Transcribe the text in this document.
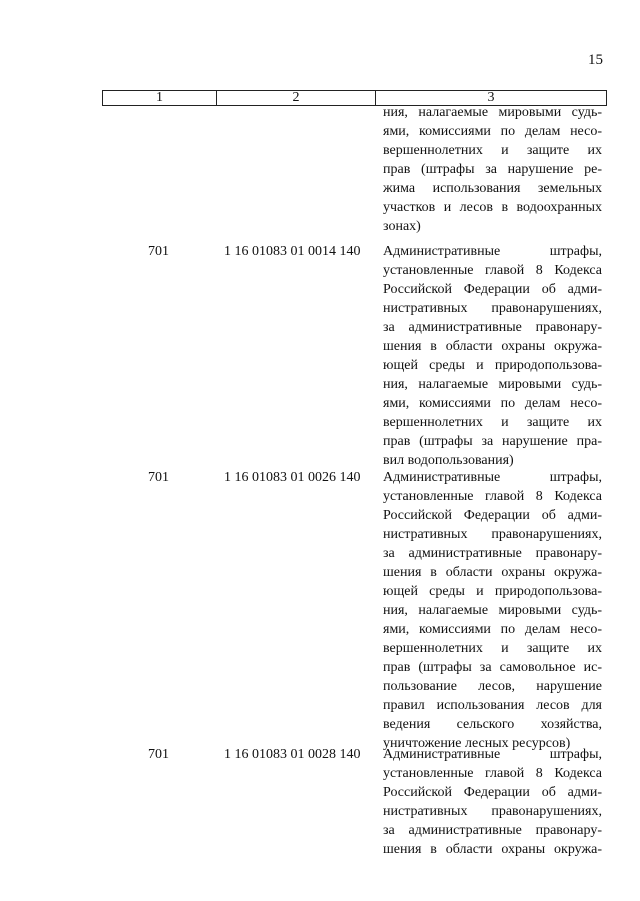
15
1	2	3
ния, налагаемые мировыми судь-
ями, комиссиями по делам несо-
вершеннолетних и защите их
прав (штрафы за нарушение ре-
жима использования земельных
участков и лесов в водоохранных
зонах)
701	1 16 01083 01 0014 140 Административные штрафы,
установленные главой 8 Кодекса
Российской Федерации об адми-
нистративных правонарушениях,
за административные правонару-
шения в области охраны окружа-
ющей среды и природопользова-
ния, налагаемые мировыми судь-
ями, комиссиями по делам несо-
вершеннолетних и защите их
прав (штрафы за нарушение пра-
вил водопользования)
701	1 16 01083 01 0026 140 Административные штрафы,
установленные главой 8 Кодекса
Российской Федерации об адми-
нистративных правонарушениях,
за административные правонару-
шения в области охраны окружа-
ющей среды и природопользова-
ния, налагаемые мировыми судь-
ями, комиссиями по делам несо-
вершеннолетних и защите их
прав (штрафы за самовольное ис-
пользование лесов, нарушение
правил использования лесов для
ведения сельского хозяйства,
уничтожение лесных ресурсов)
701	1 16 01083 01 0028 140 Административные штрафы,
установленные главой 8 Кодекса
Российской Федерации об адми-
нистративных правонарушениях,
за административные правонару-
шения в области охраны окружа-
